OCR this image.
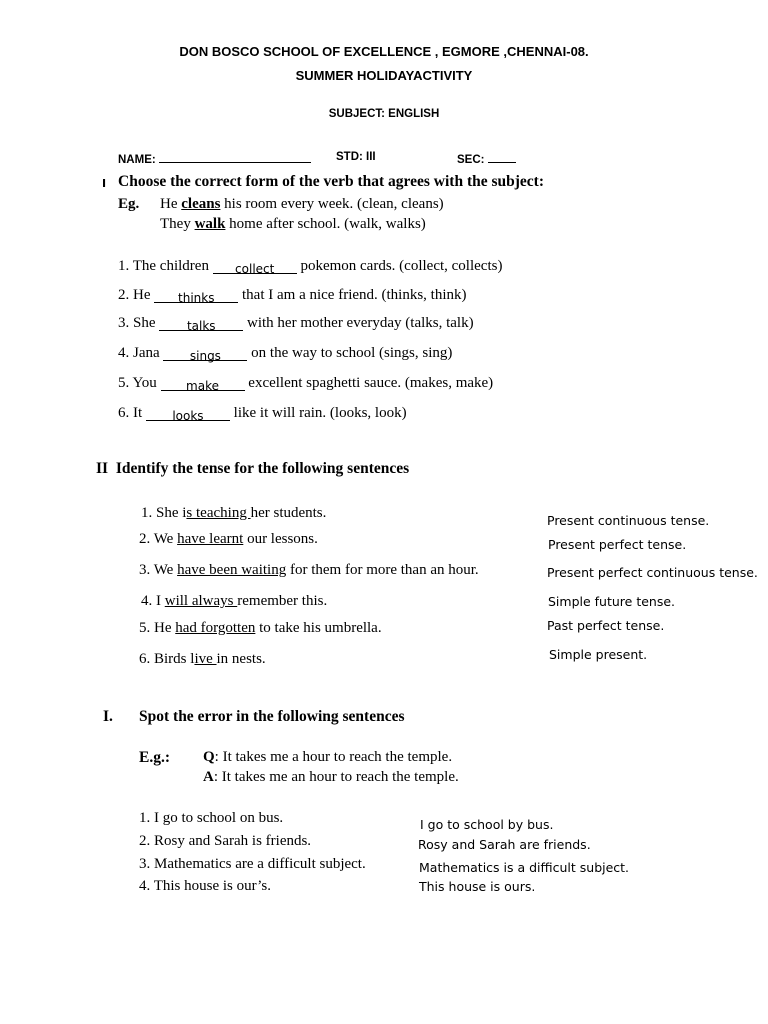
DON BOSCO SCHOOL OF EXCELLENCE , EGMORE ,CHENNAI-08.
SUMMER HOLIDAYACTIVITY
SUBJECT: ENGLISH
NAME:	STD: III	SEC:
I Choose the correct form of the verb that agrees with the subject:
Eg. He cleans his room every week. (clean, cleans)
They walk home after school. (walk, walks)
1. The children $_{collect}$ pokemon cards. (collect, collects)
2. He $_{thinks}$ that I am a nice friend. (thinks, think)
3. She $_{talks}$ with her mother everyday (talks, talk)
4. Jana $_{sings}$ on the way to school (sings, sing)
5. You $_{make}$ excellent spaghetti sauce. (makes, make)
6. It $_{looks}$ like it will rain. (looks, look)
II Identify the tense for the following sentences
1. She is teaching her students.	Present continuous tense.
2. We have learnt our lessons.	Present perfect tense.
3. We have been waiting for them for more than an hour.	Present perfect continuous tense.
4. I will always remember this.	Simple future tense.
5. He had forgotten to take his umbrella.	Past perfect tense.
6. Birds live in nests.	Simple present.
I. Spot the error in the following sentences
E.g.: Q: It takes me a hour to reach the temple.
A: It takes me an hour to reach the temple.
1. I go to school on bus.	I go to school by bus.
2. Rosy and Sarah is friends.	Rosy and Sarah are friends.
3. Mathematics are a difficult subject.	Mathematics is a difficult subject.
4. This house is our’s.	This house is ours.
